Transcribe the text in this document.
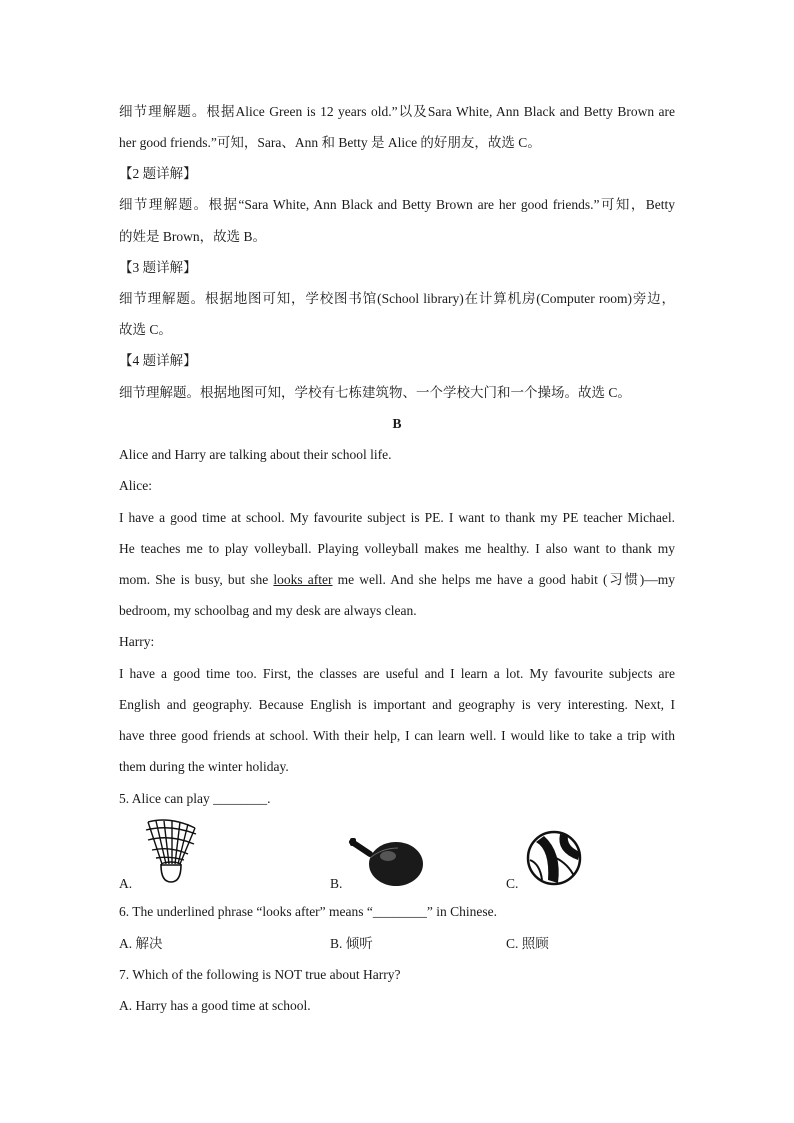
细节理解题。根据Alice Green is 12 years old.”以及Sara White, Ann Black and Betty Brown are
her good friends.”可知，Sara、Ann 和 Betty 是 Alice 的好朋友，故选 C。
【2 题详解】
细节理解题。根据“Sara White, Ann Black and Betty Brown are her good friends.”可知，Betty
的姓是 Brown，故选 B。
【3 题详解】
细节理解题。根据地图可知，学校图书馆(School library)在计算机房(Computer room)旁边，
故选 C。
【4 题详解】
细节理解题。根据地图可知，学校有七栋建筑物、一个学校大门和一个操场。故选 C。
B
Alice and Harry are talking about their school life.
Alice:
I have a good time at school. My favourite subject is PE. I want to thank my PE teacher Michael.
He teaches me to play volleyball. Playing volleyball makes me healthy. I also want to thank my
mom. She is busy, but she looks after me well. And she helps me have a good habit (习惯)—my
bedroom, my schoolbag and my desk are always clean.
Harry:
I have a good time too. First, the classes are useful and I learn a lot. My favourite subjects are
English and geography. Because English is important and geography is very interesting. Next, I
have three good friends at school. With their help, I can learn well. I would like to take a trip with
them during the winter holiday.
5. Alice can play ________.
A.	B.	C.
6. The underlined phrase “looks after” means “________” in Chinese.
A. 解决	B. 倾听	C. 照顾
7. Which of the following is NOT true about Harry?
A. Harry has a good time at school.
